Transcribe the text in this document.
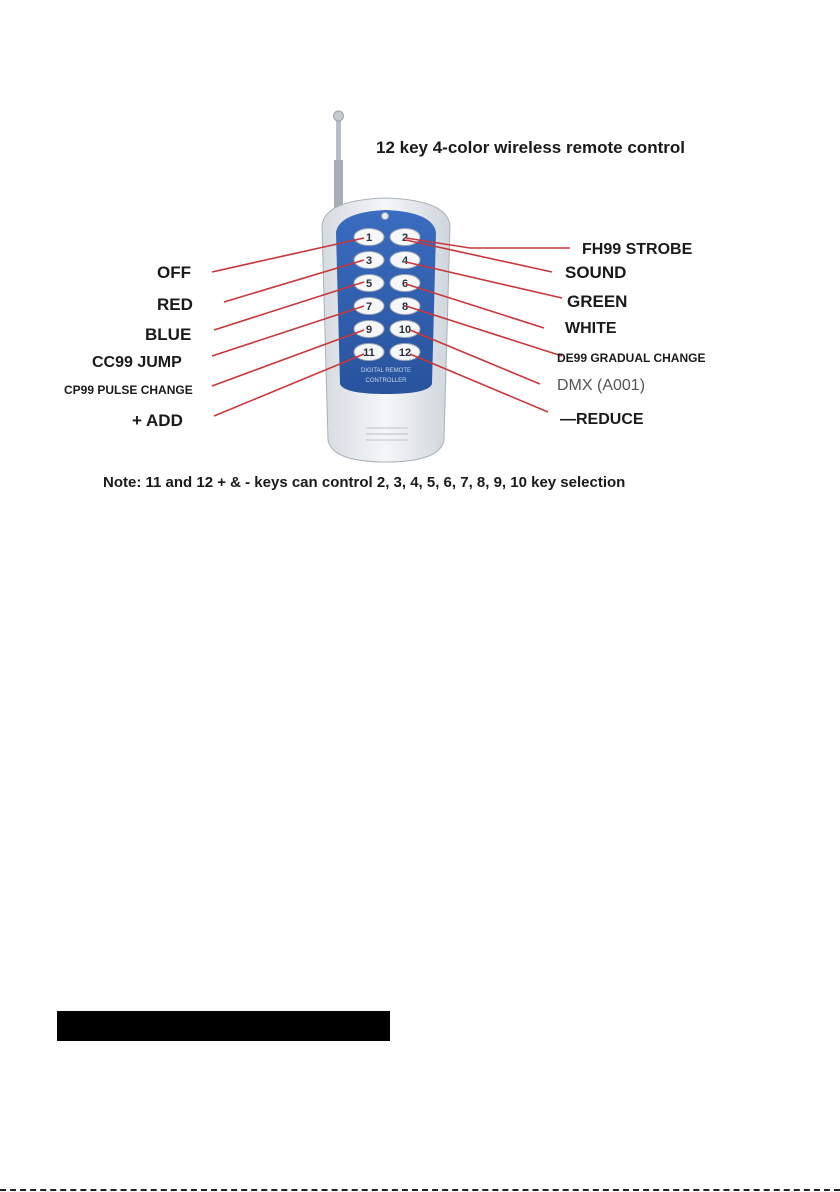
DIGITAL REMOTE
CONTROLLER
1	2
3	4
5	6
7	8
9 10
11 12
12 key 4-color wireless remote control
OFF
RED
BLUE
CC99 JUMP
CP99 PULSE CHANGE
+ ADD
FH99 STROBE
SOUND
GREEN
WHITE
DE99 GRADUAL CHANGE
DMX (A001)
—REDUCE
Note: 11 and 12 + & - keys can control 2, 3, 4, 5, 6, 7, 8, 9, 10 key selection
